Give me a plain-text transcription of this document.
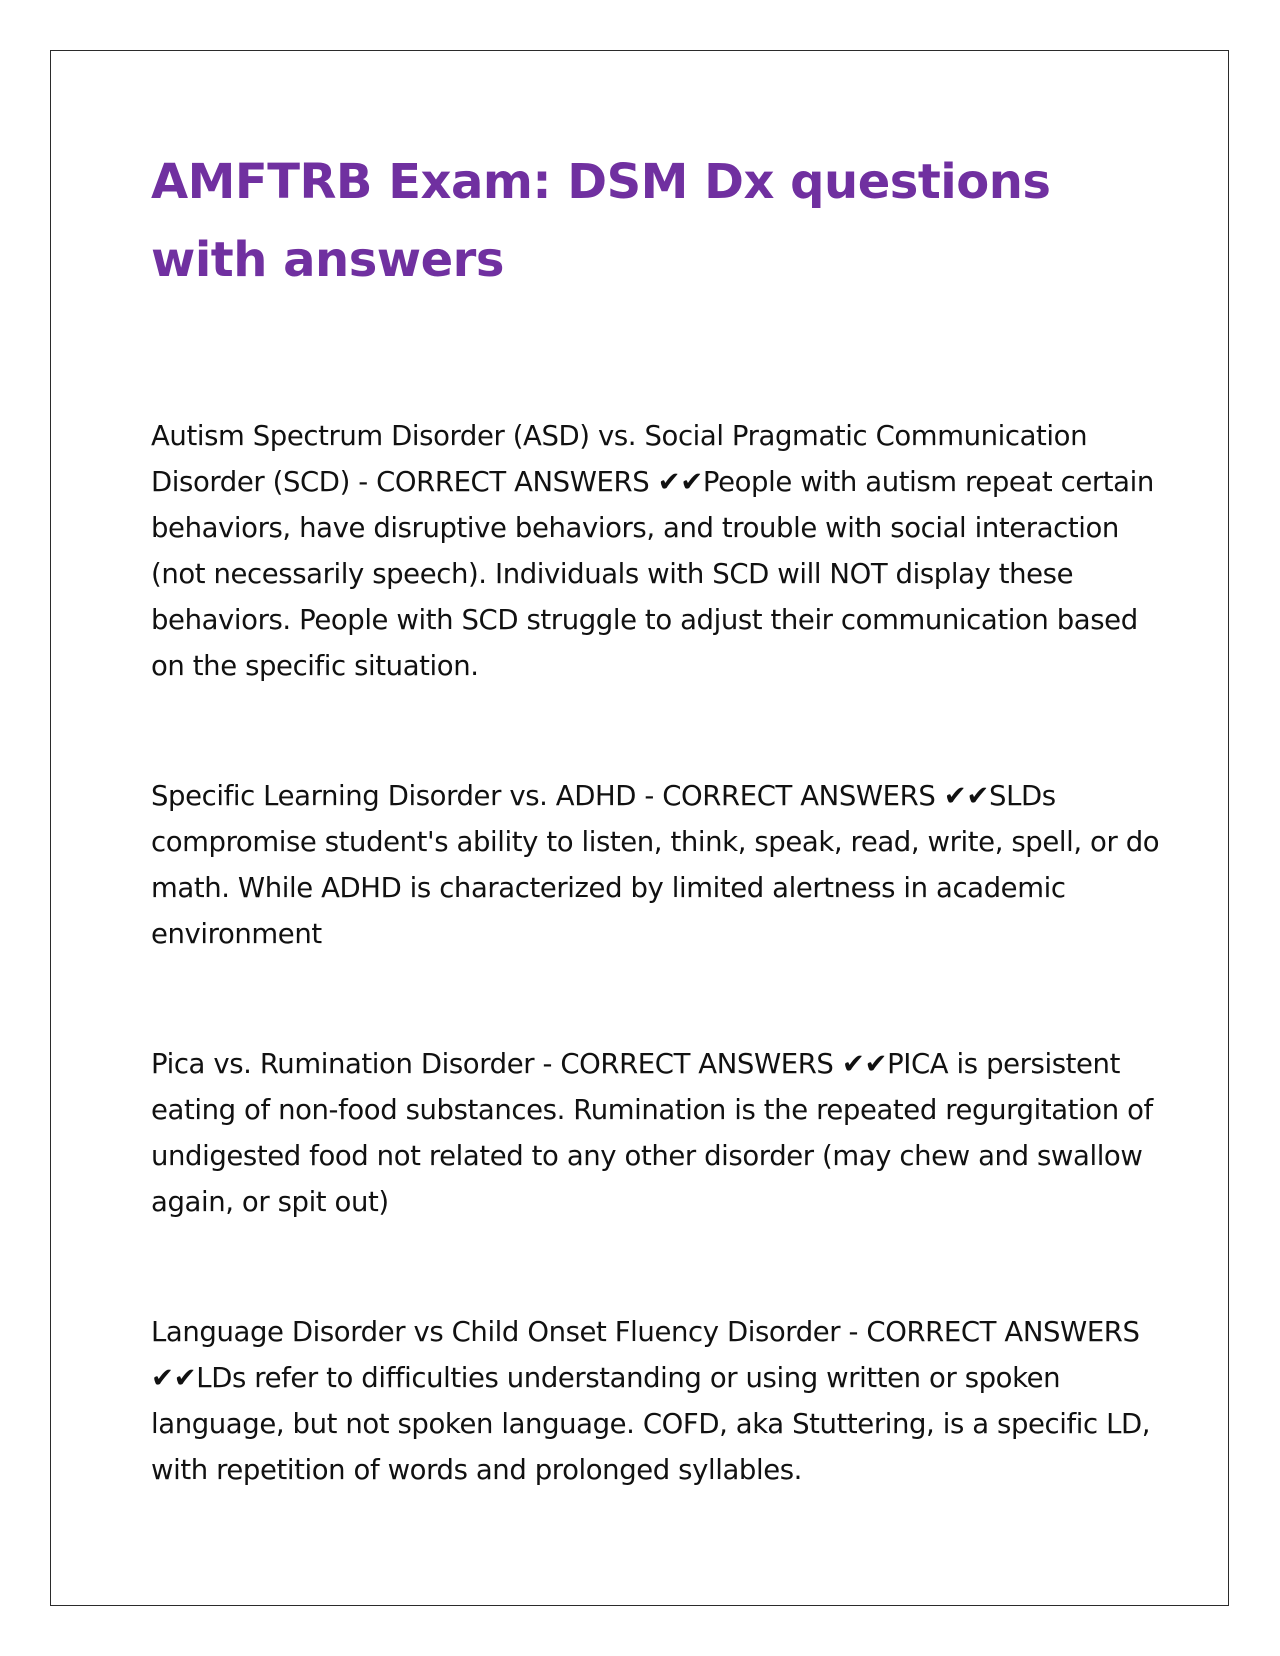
AMFTRB Exam: DSM Dx questions with answers

Autism Spectrum Disorder (ASD) vs. Social Pragmatic Communication Disorder (SCD) - CORRECT ANSWERS ✔✔People with autism repeat certain behaviors, have disruptive behaviors, and trouble with social interaction (not necessarily speech). Individuals with SCD will NOT display these behaviors. People with SCD struggle to adjust their communication based on the specific situation.

Specific Learning Disorder vs. ADHD - CORRECT ANSWERS ✔✔SLDs compromise student's ability to listen, think, speak, read, write, spell, or do math. While ADHD is characterized by limited alertness in academic environment

Pica vs. Rumination Disorder - CORRECT ANSWERS ✔✔PICA is persistent eating of non-food substances. Rumination is the repeated regurgitation of undigested food not related to any other disorder (may chew and swallow again, or spit out)

Language Disorder vs Child Onset Fluency Disorder - CORRECT ANSWERS ✔✔LDs refer to difficulties understanding or using written or spoken language, but not spoken language. COFD, aka Stuttering, is a specific LD, with repetition of words and prolonged syllables.
